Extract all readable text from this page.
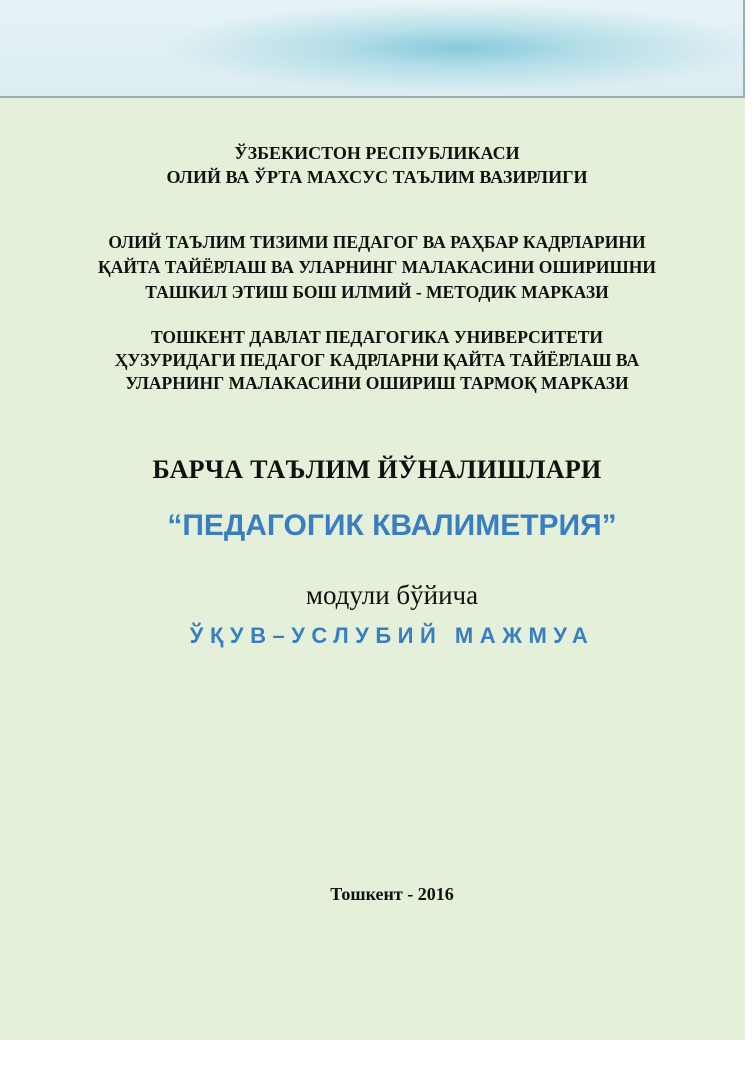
ЎЗБЕКИСТОН РЕСПУБЛИКАСИ
ОЛИЙ ВА ЎРТА МАХСУС ТАЪЛИМ ВАЗИРЛИГИ
ОЛИЙ ТАЪЛИМ ТИЗИМИ ПЕДАГОГ ВА РАҲБАР КАДРЛАРИНИ
ҚАЙТА ТАЙЁРЛАШ ВА УЛАРНИНГ МАЛАКАСИНИ ОШИРИШНИ
ТАШКИЛ ЭТИШ БОШ ИЛМИЙ - МЕТОДИК МАРКАЗИ
ТОШКЕНТ ДАВЛАТ ПЕДАГОГИКА УНИВЕРСИТЕТИ
ҲУЗУРИДАГИ ПЕДАГОГ КАДРЛАРНИ ҚАЙТА ТАЙЁРЛАШ ВА
УЛАРНИНГ МАЛАКАСИНИ ОШИРИШ ТАРМОҚ МАРКАЗИ
БАРЧА ТАЪЛИМ ЙЎНАЛИШЛАРИ
“ПЕДАГОГИК КВАЛИМЕТРИЯ”
модули бўйича
ЎҚУВ–УСЛУБИЙ МАЖМУА
Тошкент - 2016
